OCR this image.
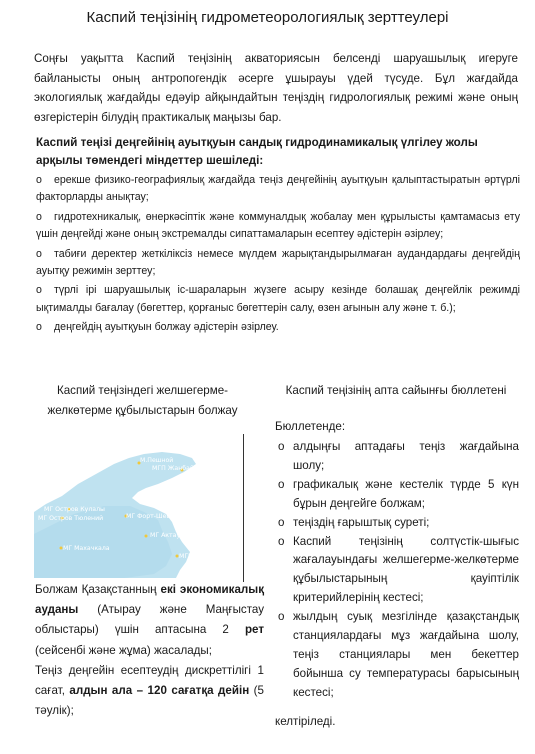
Каспий теңізінің гидрометеорологиялық зерттеулері
Соңғы уақытта Каспий теңізінің акваториясын белсенді шаруашылық игеруге байланысты оның антропогендік әсерге ұшырауы үдей түсуде. Бұл жағдайда экологиялық жағдайды едәуір айқындайтын теңіздің гидрологиялық режимі және оның өзгерістерін білудің практикалық маңызы бар.
Каспий теңізі деңгейінің ауытқуын сандық гидродинамикалық үлгілеу жолы арқылы төмендегі міндеттер шешіледі:
o ерекше физико-географиялық жағдайда теңіз деңгейінің ауытқуын қалыптастыратын әртүрлі факторларды анықтау;
o гидротехникалық, өнеркәсіптік және коммуналдық жобалау мен құрылысты қамтамасыз ету үшін деңгейді және оның экстремалды сипаттамаларын есептеу әдістерін әзірлеу;
o табиғи деректер жеткіліксіз немесе мүлдем жарықтандырылмаған аудандардағы деңгейдің ауытқу режимін зерттеу;
o түрлі ірі шаруашылық іс-шараларын жүзеге асыру кезінде болашақ деңгейлік режимді ықтималды бағалау (бөгеттер, қорғаныс бөгеттерін салу, өзен ағынын алу және т. б.);
o деңгейдің ауытқуын болжау әдістерін әзірлеу.
Каспий теңізіндегі желшегерме-
желкөтерме құбылыстарын болжау
Каспий теңізінің апта сайынғы бюллетені
М.Пешной
МГП Жанбай
МГ Остров Кулалы
МГ Остров Тюлений	МГ Форт-Шевченко
МГ Актау
МГ Махачкала
МГП Фетисово
Болжам Қазақстанның екі экономикалық ауданы (Атырау және Маңғыстау облыстары) үшін аптасына 2 рет (сейсенбі және жұма) жасалады;
Теңіз деңгейін есептеудің дискреттілігі 1 сағат, алдын ала – 120 сағатқа дейін (5 тәулік);
Бюллетенде:
o алдыңғы аптадағы теңіз жағдайына шолу;
o графикалық және кестелік түрде 5 күн бұрын деңгейге болжам;
o теңіздің ғарыштық суреті;
o Каспий теңізінің солтүстік-шығыс жағалауындағы желшегерме-желкөтерме құбылыстарының қауіптілік критерийлерінің кестесі;
o жылдың суық мезгілінде қазақстандық станциялардағы мұз жағдайына шолу, теңіз станциялары мен бекеттер бойынша су температурасы барысының кестесі;
келтіріледі.
